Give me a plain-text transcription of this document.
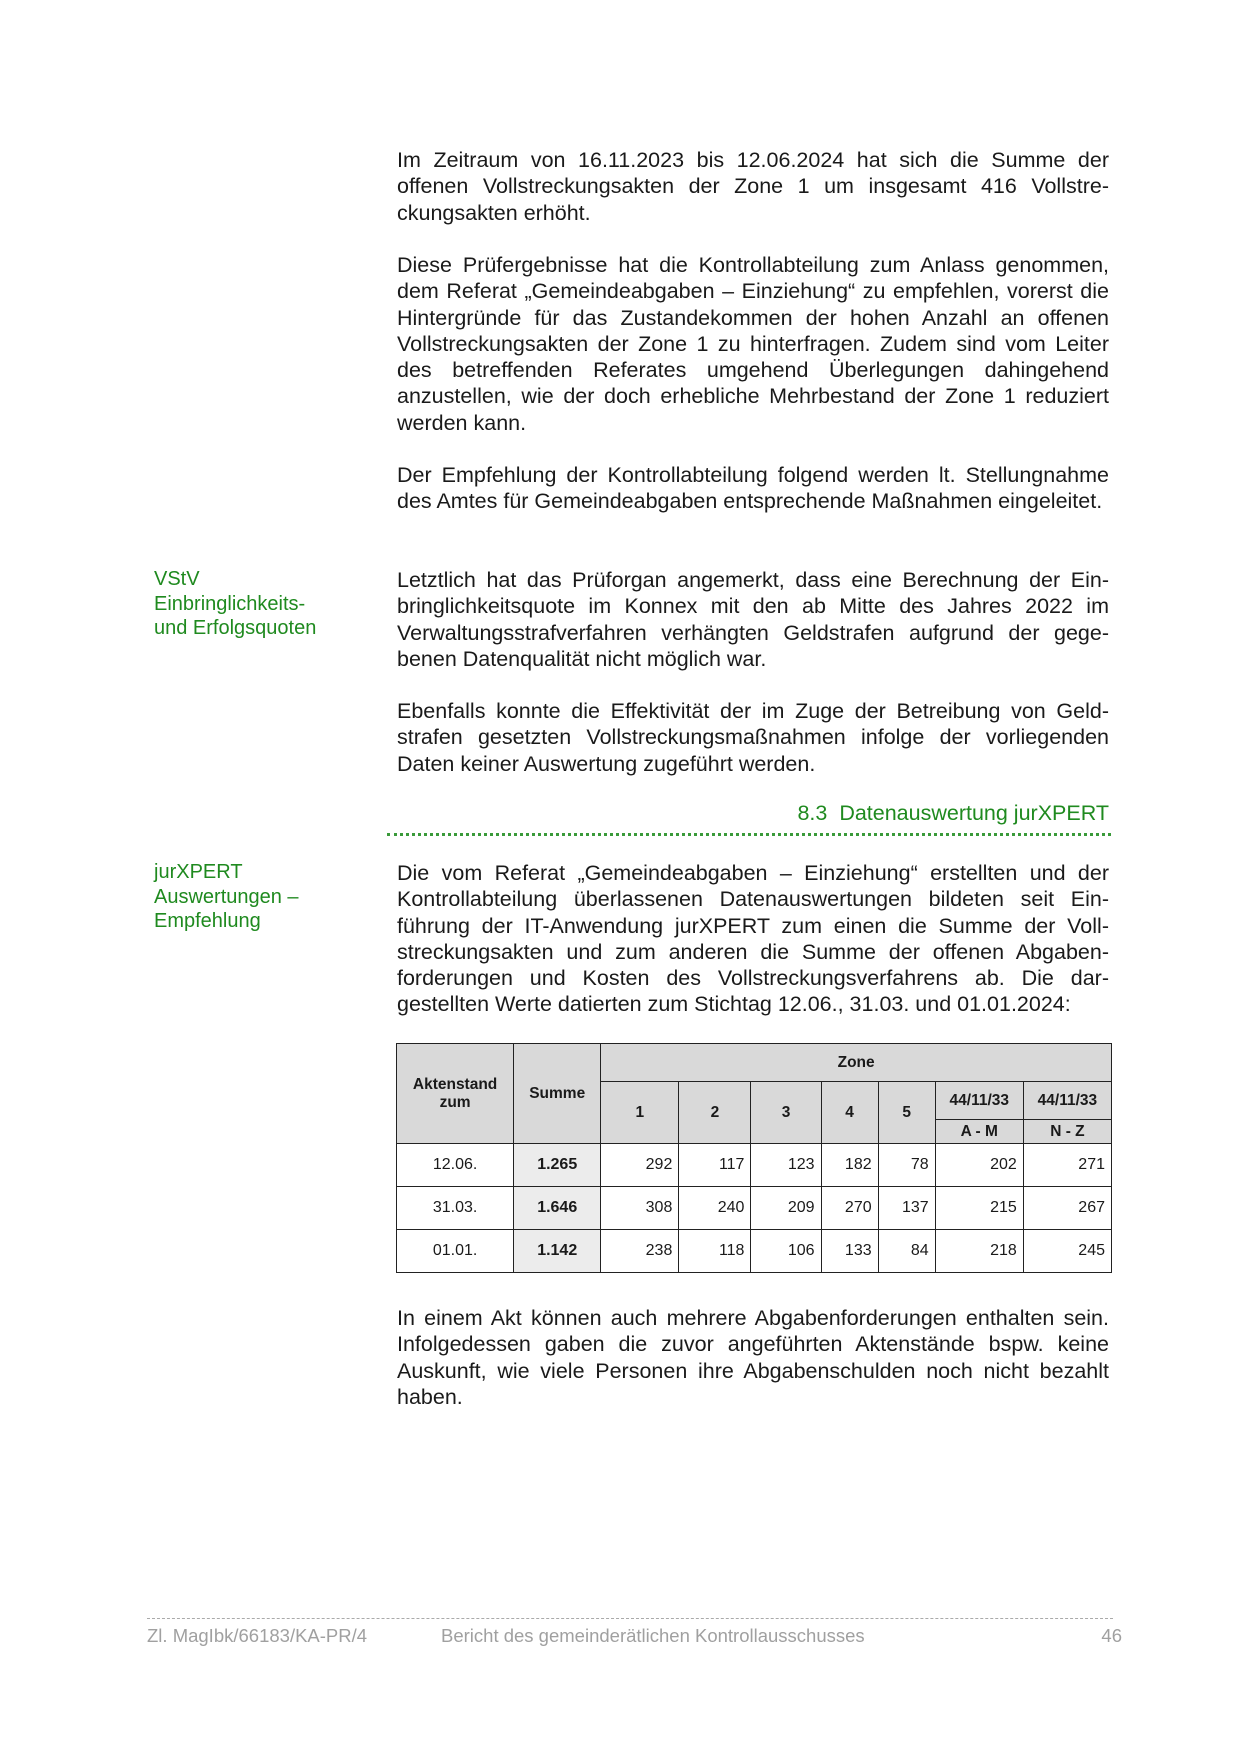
Im Zeitraum von 16.11.2023 bis 12.06.2024 hat sich die Summe der offenen Vollstreckungsakten der Zone 1 um insgesamt 416 Vollstreckungsakten erhöht.

Diese Prüfergebnisse hat die Kontrollabteilung zum Anlass genommen, dem Referat „Gemeindeabgaben – Einziehung“ zu empfehlen, vorerst die Hintergründe für das Zustandekommen der hohen Anzahl an offenen Vollstreckungsakten der Zone 1 zu hinterfragen. Zudem sind vom Leiter des betreffenden Referates umgehend Überlegungen dahingehend anzustellen, wie der doch erhebliche Mehrbestand der Zone 1 reduziert werden kann.

Der Empfehlung der Kontrollabteilung folgend werden lt. Stellungnahme des Amtes für Gemeindeabgaben entsprechende Maßnahmen eingeleitet.

VStV
Einbringlichkeits-
und Erfolgsquoten

Letztlich hat das Prüforgan angemerkt, dass eine Berechnung der Einbringlichkeitsquote im Konnex mit den ab Mitte des Jahres 2022 im Verwaltungsstrafverfahren verhängten Geldstrafen aufgrund der gegebenen Datenqualität nicht möglich war.

Ebenfalls konnte die Effektivität der im Zuge der Betreibung von Geldstrafen gesetzten Vollstreckungsmaßnahmen infolge der vorliegenden Daten keiner Auswertung zugeführt werden.

8.3 Datenauswertung jurXPERT
jurXPERT
Auswertungen –
Empfehlung

Die vom Referat „Gemeindeabgaben – Einziehung“ erstellten und der Kontrollabteilung überlassenen Datenauswertungen bildeten seit Einführung der IT-Anwendung jurXPERT zum einen die Summe der Vollstreckungsakten und zum anderen die Summe der offenen Abgabenforderungen und Kosten des Vollstreckungsverfahrens ab. Die dargestellten Werte datierten zum Stichtag 12.06., 31.03. und 01.01.2024:

Aktenstand zum	Summe	Zone						
		1	2	3	4	5	44/11/33	44/11/33
							A - M	N - Z
12.06.	1.265	292	117	123	182	78	202	271
31.03.	1.646	308	240	209	270	137	215	267
01.01.	1.142	238	118	106	133	84	218	245

In einem Akt können auch mehrere Abgabenforderungen enthalten sein. Infolgedessen gaben die zuvor angeführten Aktenstände bspw. keine Auskunft, wie viele Personen ihre Abgabenschulden noch nicht bezahlt haben.

Zl. MagIbk/66183/KA-PR/4	Bericht des gemeinderätlichen Kontrollausschusses	46
